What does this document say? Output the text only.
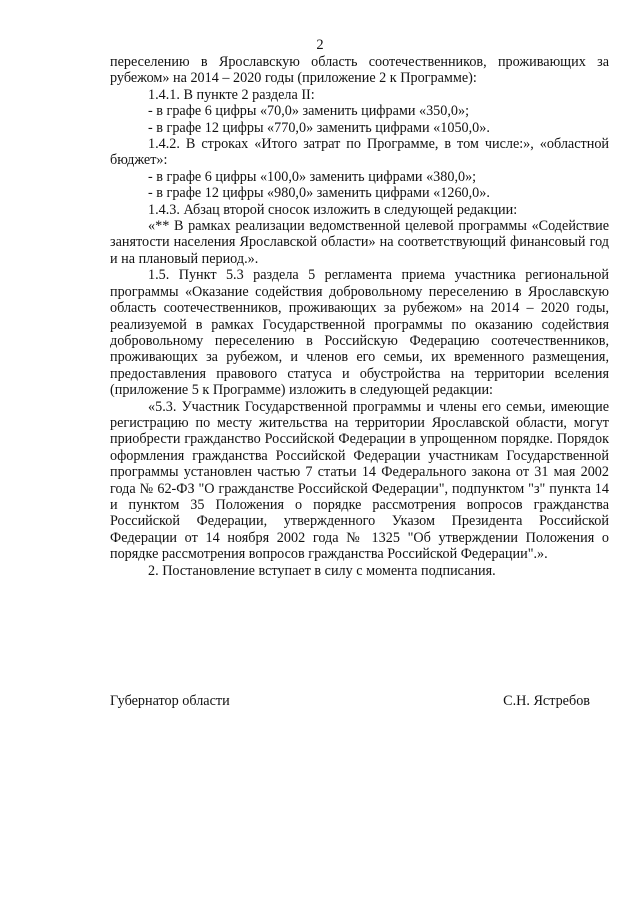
2

переселению в Ярославскую область соотечественников, проживающих за рубежом» на 2014 – 2020 годы (приложение 2 к Программе):

1.4.1. В пункте 2 раздела II:

- в графе 6 цифры «70,0» заменить цифрами «350,0»;

- в графе 12 цифры «770,0» заменить цифрами «1050,0».

1.4.2. В строках «Итого затрат по Программе, в том числе:», «областной бюджет»:

- в графе 6 цифры «100,0» заменить цифрами «380,0»;

- в графе 12 цифры «980,0» заменить цифрами «1260,0».

1.4.3. Абзац второй сносок изложить в следующей редакции:

«** В рамках реализации ведомственной целевой программы «Содействие занятости населения Ярославской области» на соответствующий финансовый год и на плановый период.».

1.5. Пункт 5.3 раздела 5 регламента приема участника региональной программы «Оказание содействия добровольному переселению в Ярославскую область соотечественников, проживающих за рубежом» на 2014 – 2020 годы, реализуемой в рамках Государственной программы по оказанию содействия добровольному переселению в Российскую Федерацию соотечественников, проживающих за рубежом, и членов его семьи, их временного размещения, предоставления правового статуса и обустройства на территории вселения (приложение 5 к Программе) изложить в следующей редакции:

«5.3. Участник Государственной программы и члены его семьи, имеющие регистрацию по месту жительства на территории Ярославской области, могут приобрести гражданство Российской Федерации в упрощенном порядке. Порядок оформления гражданства Российской Федерации участникам Государственной программы установлен частью 7 статьи 14 Федерального закона от 31 мая 2002 года № 62-ФЗ "О гражданстве Российской Федерации", подпунктом "з" пункта 14 и пунктом 35 Положения о порядке рассмотрения вопросов гражданства Российской Федерации, утвержденного Указом Президента Российской Федерации от 14 ноября 2002 года № 1325 "Об утверждении Положения о порядке рассмотрения вопросов гражданства Российской Федерации".».

2. Постановление вступает в силу с момента подписания.

Губернатор области	С.Н. Ястребов
